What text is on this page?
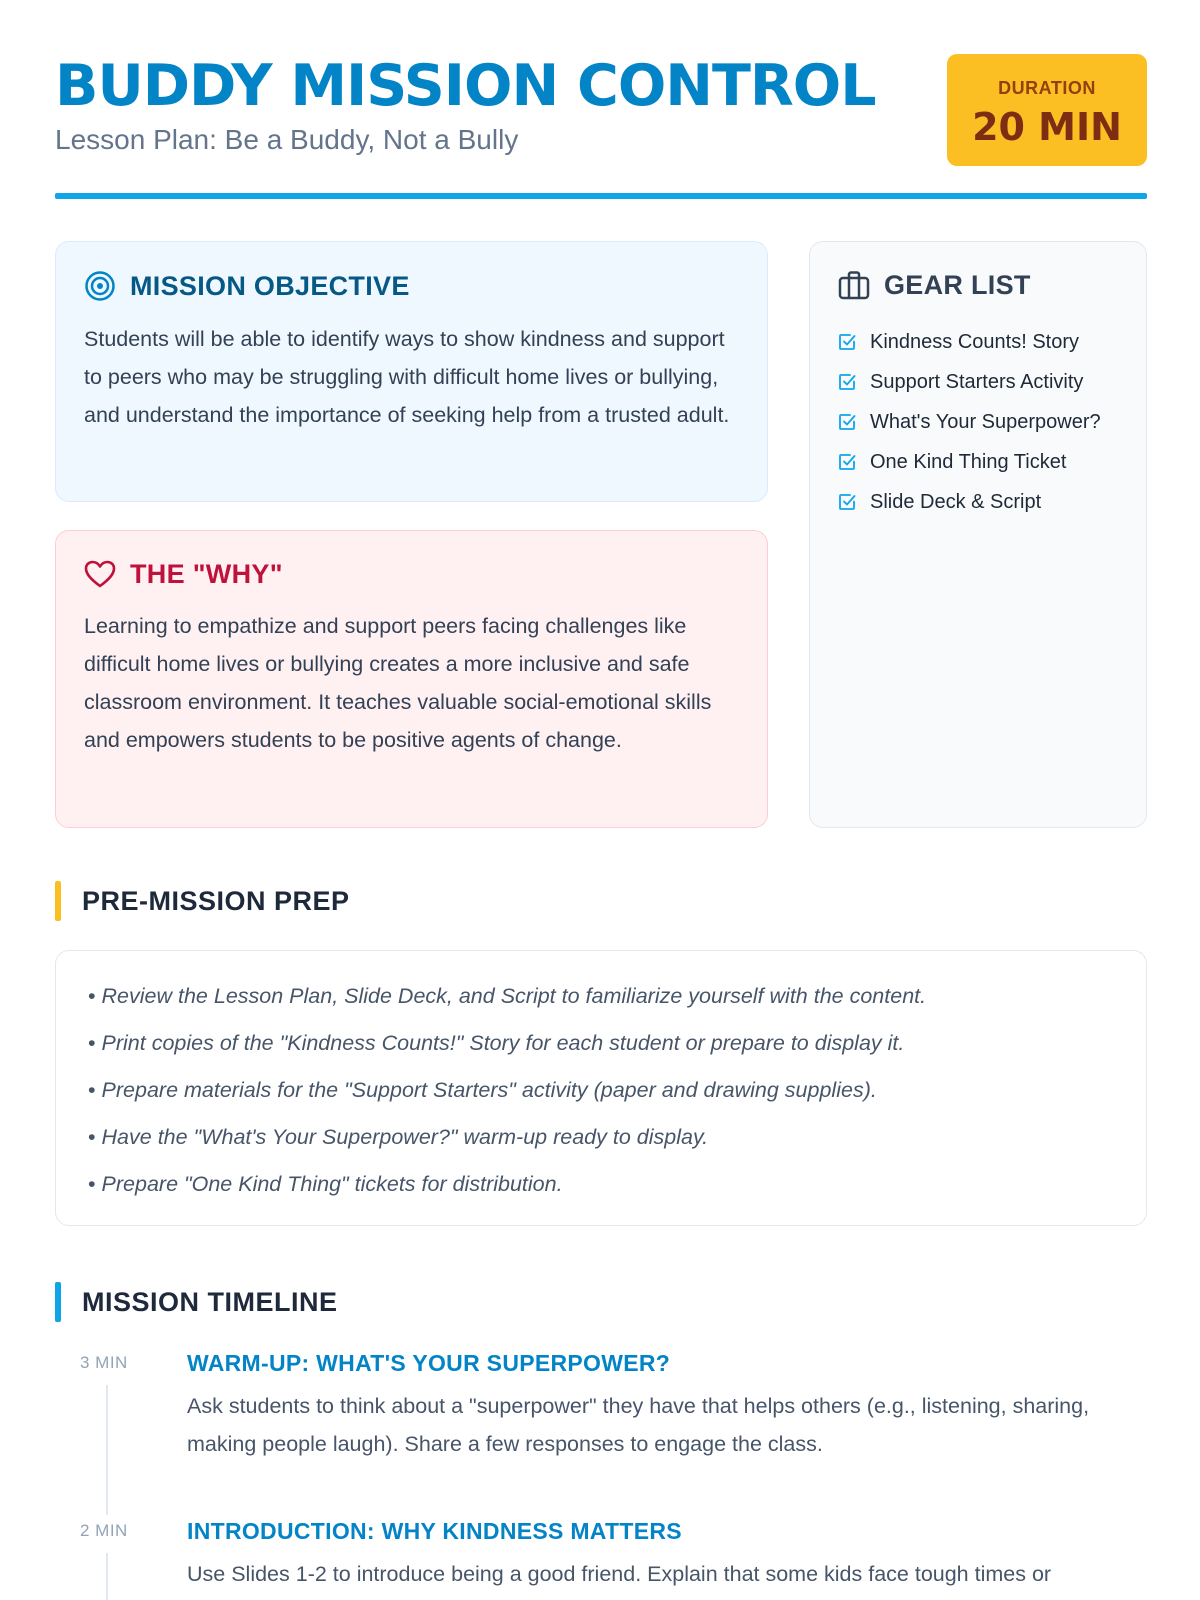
BUDDY MISSION CONTROL
Lesson Plan: Be a Buddy, Not a Bully
DURATION
20 MIN
MISSION OBJECTIVE

Students will be able to identify ways to show kindness and support to peers who may be struggling with difficult home lives or bullying, and understand the importance of seeking help from a trusted adult.

THE "WHY"

Learning to empathize and support peers facing challenges like difficult home lives or bullying creates a more inclusive and safe classroom environment. It teaches valuable social-emotional skills and empowers students to be positive agents of change.

GEAR LIST
Kindness Counts! Story
Support Starters Activity
What's Your Superpower?
One Kind Thing Ticket
Slide Deck & Script
PRE-MISSION PREP
• Review the Lesson Plan, Slide Deck, and Script to familiarize yourself with the content.
• Print copies of the "Kindness Counts!" Story for each student or prepare to display it.
• Prepare materials for the "Support Starters" activity (paper and drawing supplies).
• Have the "What's Your Superpower?" warm-up ready to display.
• Prepare "One Kind Thing" tickets for distribution.
MISSION TIMELINE
3 MIN	WARM-UP: WHAT'S YOUR SUPERPOWER?
Ask students to think about a "superpower" they have that helps others (e.g., listening, sharing, making people laugh). Share a few responses to engage the class.
2 MIN	INTRODUCTION: WHY KINDNESS MATTERS
Use Slides 1-2 to introduce being a good friend. Explain that some kids face tough times or
